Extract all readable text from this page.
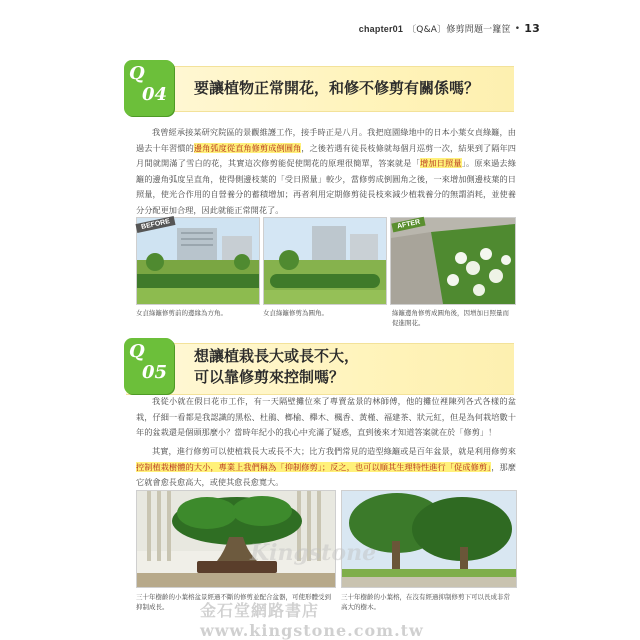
chapter01 〔Q&A〕修剪問題一籮筐 • 13
Q
04 要讓植物正常開花，和修不修剪有關係嗎？
我曾經承接某研究院區的景觀維護工作，接手時正是八月。我把庭園綠地中的日本小葉女貞綠籬，由過去十年習慣的邊角弧度從直角修剪成倒圓角，之後若遇有徒長枝條就每個月巡剪一次，結果到了隔年四月間就開滿了雪白的花，其實這次修剪能促使開花的原理很簡單，答案就是「增加日照量」。原來過去綠籬的邊角弧度呈直角，使得側邊枝葉的「受日照量」較少，當修剪成倒圓角之後，一來增加側邊枝葉的日照量，使光合作用的自營養分的蓄積增加；再者利用定期修剪徒長枝來減少植栽養分的無謂消耗，並使養分分配更加合理，因此就能正常開花了。
BEFORE	AFTER
女貞綠籬修剪前的邊緣為方角。	女貞綠籬修剪為圓角。	綠籬邊角修剪成圓角後，因增加日照量而促進開花。
Q
05
想讓植栽長大或長不大，
可以靠修剪來控制嗎？
我從小就在假日花市工作，有一天隔壁攤位來了專賣盆景的林師傅，他的攤位裡陳列各式各樣的盆栽，仔細一看都是我認識的黑松、杜鵑、榔榆、櫸木、楓香、黃槿、福建茶、狀元紅，但是為何栽培數十年的盆栽還是個頭那麼小？當時年紀小的我心中充滿了疑惑，直到後來才知道答案就在於「修剪」！
其實，進行修剪可以使植栽長大或長不大；比方我們常見的造型綠籬或是百年盆景，就是利用修剪來控制植栽樹體的大小，專業上我們稱為「抑制修剪」；反之，也可以順其生理特性進行「促成修剪」，那麼它就會愈長愈高大，或使其愈長愈寬大。
三十年樹齡的小葉榕盆景經過不斷的修剪並配合盆器，可使形體受到抑制成長。
三十年樹齡的小葉榕，在沒有經過抑制修剪下可以長成非常高大的樹木。
Kingstone
金石堂網路書店 www.kingstone.com.tw
